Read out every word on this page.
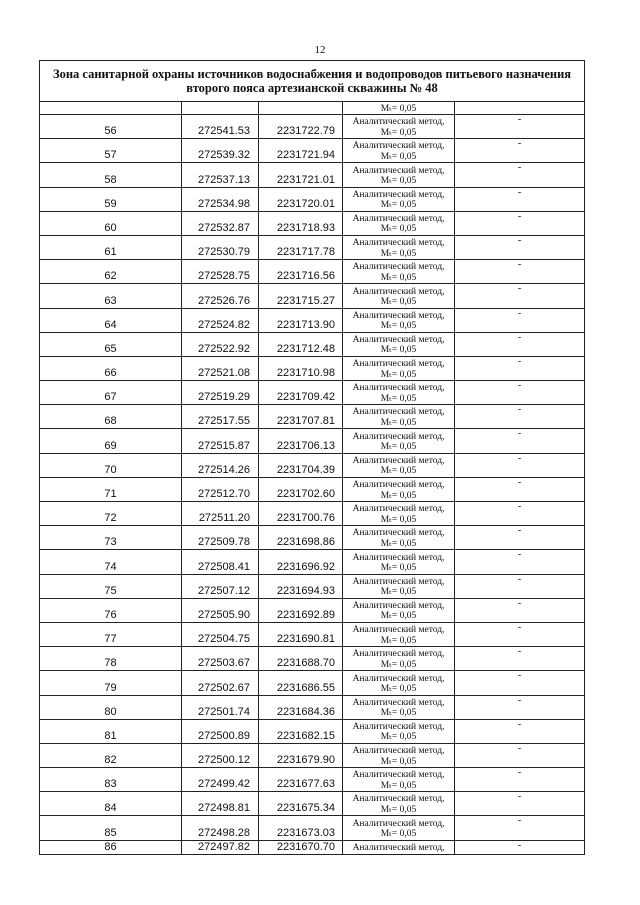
12
Зона санитарной охраны источников водоснабжения и водопроводов питьевого назначения
второго пояса артезианской скважины № 48				

			Mₜ= 0,05	

56	272541.53	2231722.79	Аналитический метод,
Mₜ= 0,05	-
57	272539.32	2231721.94	Аналитический метод,
Mₜ= 0,05	-
58	272537.13	2231721.01	Аналитический метод,
Mₜ= 0,05	-
59	272534.98	2231720.01	Аналитический метод,
Mₜ= 0,05	-
60	272532.87	2231718.93	Аналитический метод,
Mₜ= 0,05	-
61	272530.79	2231717.78	Аналитический метод,
Mₜ= 0,05	-
62	272528.75	2231716.56	Аналитический метод,
Mₜ= 0,05	-
63	272526.76	2231715.27	Аналитический метод,
Mₜ= 0,05	-
64	272524.82	2231713.90	Аналитический метод,
Mₜ= 0,05	-
65	272522.92	2231712.48	Аналитический метод,
Mₜ= 0,05	-
66	272521.08	2231710.98	Аналитический метод,
Mₜ= 0,05	-
67	272519.29	2231709.42	Аналитический метод,
Mₜ= 0,05	-
68	272517.55	2231707.81	Аналитический метод,
Mₜ= 0,05	-
69	272515.87	2231706.13	Аналитический метод,
Mₜ= 0,05	-
70	272514.26	2231704.39	Аналитический метод,
Mₜ= 0,05	-
71	272512.70	2231702.60	Аналитический метод,
Mₜ= 0,05	-
72	272511.20	2231700.76	Аналитический метод,
Mₜ= 0,05	-
73	272509.78	2231698.86	Аналитический метод,
Mₜ= 0,05	-
74	272508.41	2231696.92	Аналитический метод,
Mₜ= 0,05	-
75	272507.12	2231694.93	Аналитический метод,
Mₜ= 0,05	-
76	272505.90	2231692.89	Аналитический метод,
Mₜ= 0,05	-
77	272504.75	2231690.81	Аналитический метод,
Mₜ= 0,05	-
78	272503.67	2231688.70	Аналитический метод,
Mₜ= 0,05	-
79	272502.67	2231686.55	Аналитический метод,
Mₜ= 0,05	-
80	272501.74	2231684.36	Аналитический метод,
Mₜ= 0,05	-
81	272500.89	2231682.15	Аналитический метод,
Mₜ= 0,05	-
82	272500.12	2231679.90	Аналитический метод,
Mₜ= 0,05	-
83	272499.42	2231677.63	Аналитический метод,
Mₜ= 0,05	-
84	272498.81	2231675.34	Аналитический метод,
Mₜ= 0,05	-
85	272498.28	2231673.03	Аналитический метод,
Mₜ= 0,05	-
86	272497.82	2231670.70	Аналитический метод,	-
